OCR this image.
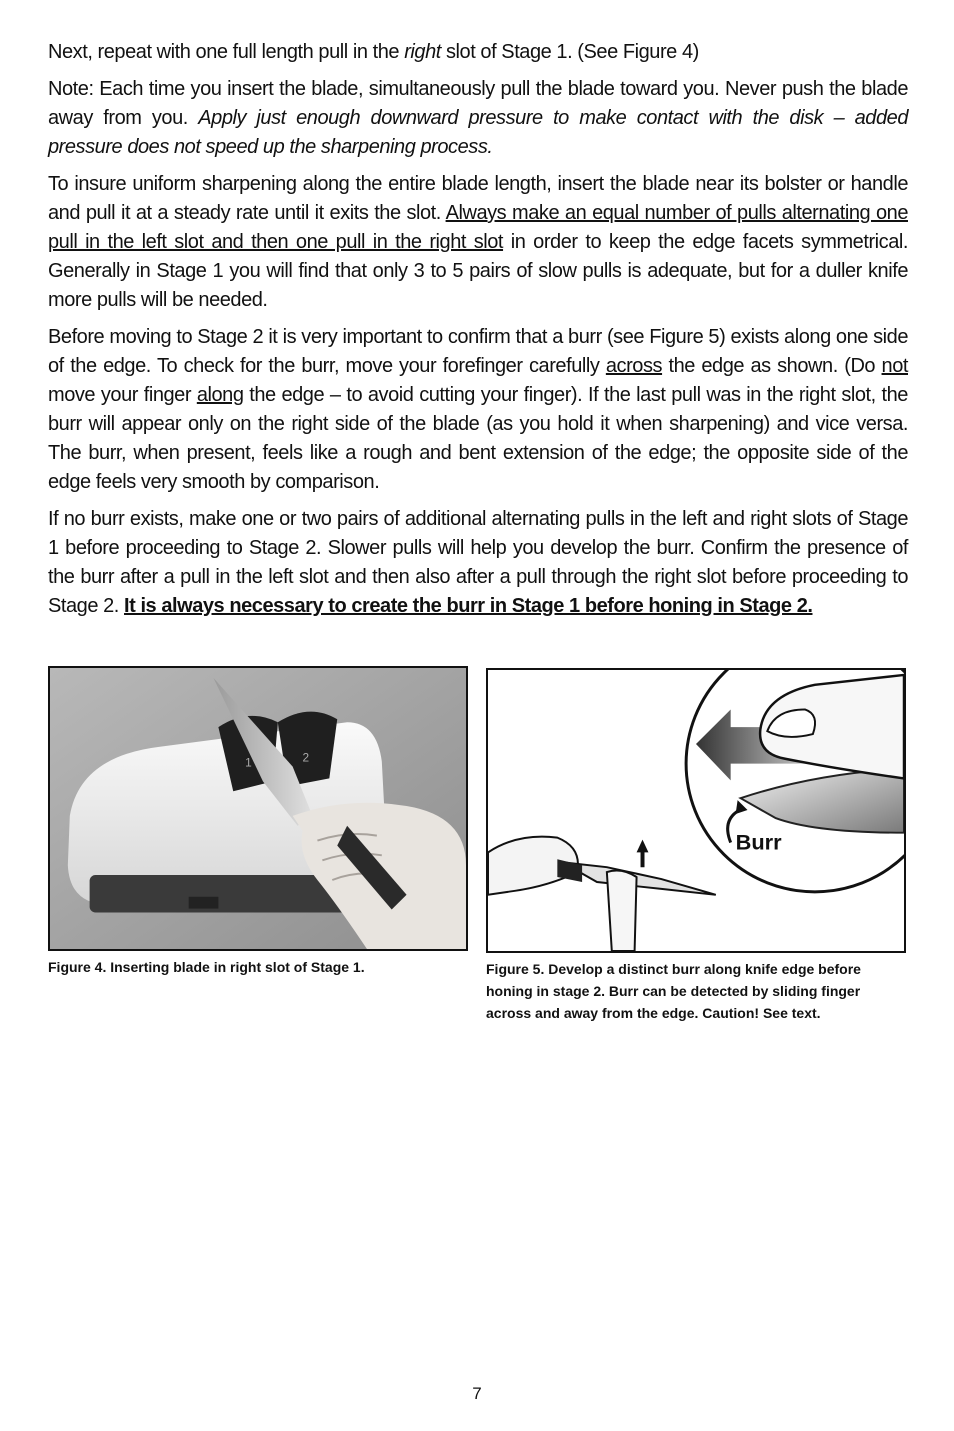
Next, repeat with one full length pull in the right slot of Stage 1. (See Figure 4)

Note: Each time you insert the blade, simultaneously pull the blade toward you. Never push the blade away from you. Apply just enough downward pressure to make contact with the disk – added pressure does not speed up the sharpening process.

To insure uniform sharpening along the entire blade length, insert the blade near its bolster or handle and pull it at a steady rate until it exits the slot. Always make an equal number of pulls alternating one pull in the left slot and then one pull in the right slot in order to keep the edge facets symmetrical. Generally in Stage 1 you will find that only 3 to 5 pairs of slow pulls is adequate, but for a duller knife more pulls will be needed.

Before moving to Stage 2 it is very important to confirm that a burr (see Figure 5) exists along one side of the edge. To check for the burr, move your forefinger carefully across the edge as shown. (Do not move your finger along the edge – to avoid cutting your finger). If the last pull was in the right slot, the burr will appear only on the right side of the blade (as you hold it when sharpening) and vice versa. The burr, when present, feels like a rough and bent extension of the edge; the opposite side of the edge feels very smooth by comparison.

If no burr exists, make one or two pairs of additional alternating pulls in the left and right slots of Stage 1 before proceeding to Stage 2. Slower pulls will help you develop the burr. Confirm the presence of the burr after a pull in the left slot and then also after a pull through the right slot before proceeding to Stage 2. It is always necessary to create the burr in Stage 1 before honing in Stage 2.

1	2
Figure 4. Inserting blade in right slot of Stage 1.
Burr
Figure 5. Develop a distinct burr along knife edge before honing in stage 2. Burr can be detected by sliding finger across and away from the edge. Caution! See text.
7
